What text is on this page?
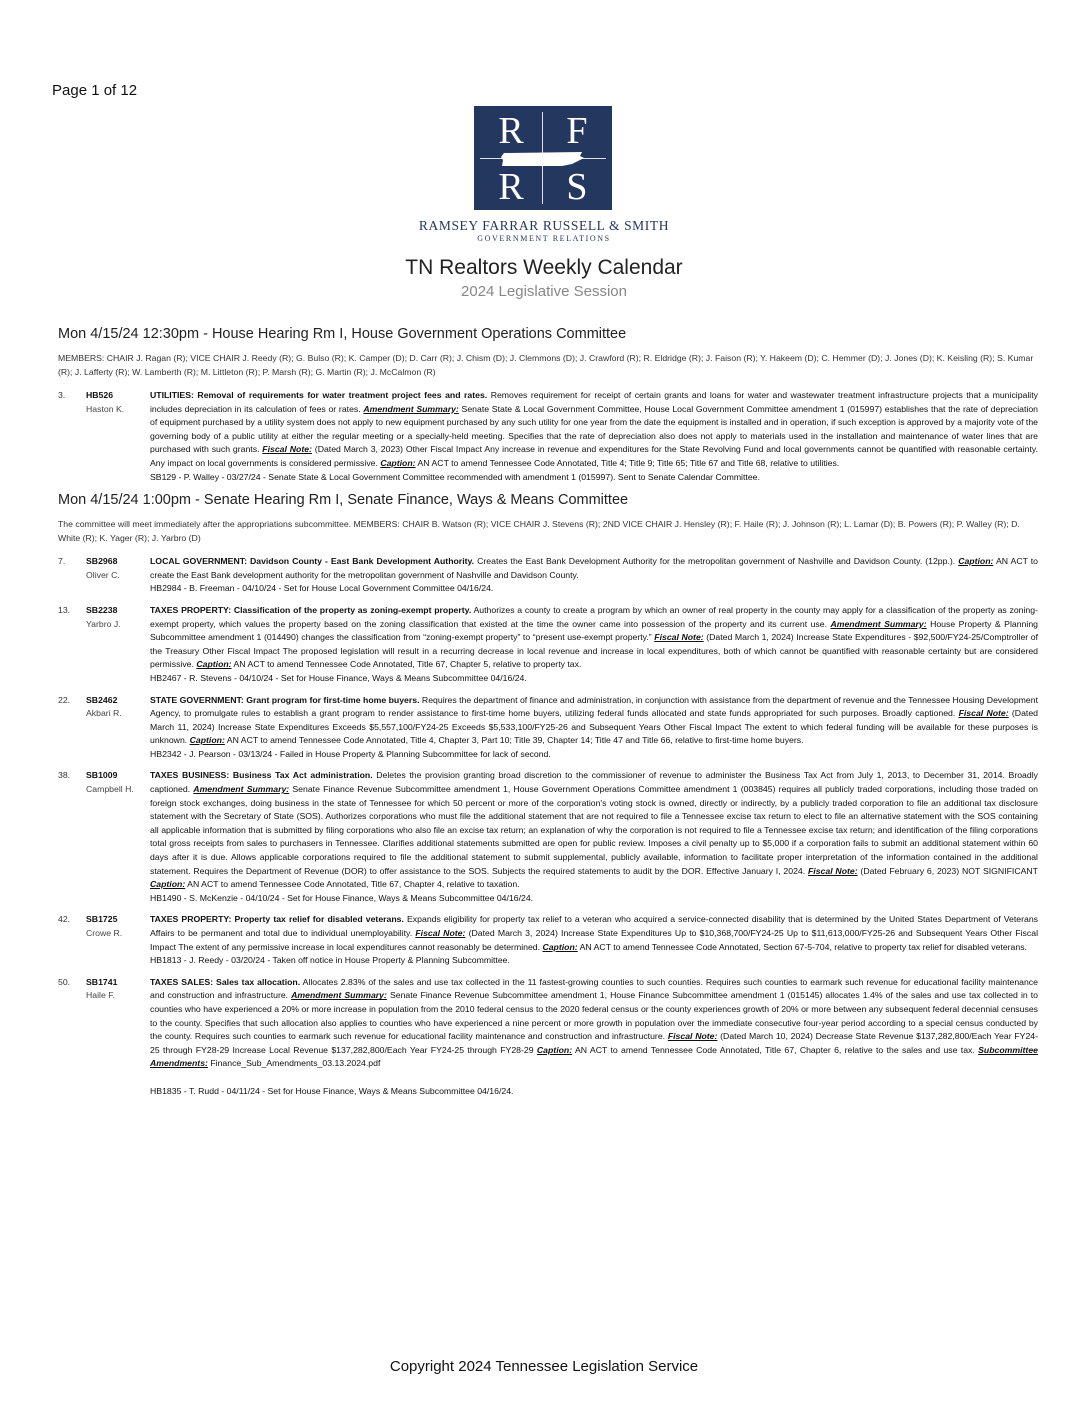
Page 1 of 12
R	F
R	S
RAMSEY FARRAR RUSSELL & SMITH
GOVERNMENT RELATIONS
TN Realtors Weekly Calendar
2024 Legislative Session
Mon 4/15/24 12:30pm - House Hearing Rm I, House Government Operations Committee
MEMBERS: CHAIR J. Ragan (R); VICE CHAIR J. Reedy (R); G. Bulso (R); K. Camper (D); D. Carr (R); J. Chism (D); J. Clemmons (D); J. Crawford (R); R. Eldridge (R); J. Faison (R); Y. Hakeem (D); C. Hemmer (D); J. Jones (D); K. Keisling (R); S. Kumar (R); J. Lafferty (R); W. Lamberth (R); M. Littleton (R); P. Marsh (R); G. Martin (R); J. McCalmon (R)
3.	HB526
Haston K.
UTILITIES: Removal of requirements for water treatment project fees and rates. Removes requirement for receipt of certain grants and loans for water and wastewater treatment infrastructure projects that a municipality includes depreciation in its calculation of fees or rates. Amendment Summary: Senate State & Local Government Committee, House Local Government Committee amendment 1 (015997) establishes that the rate of depreciation of equipment purchased by a utility system does not apply to new equipment purchased by any such utility for one year from the date the equipment is installed and in operation, if such exception is approved by a majority vote of the governing body of a public utility at either the regular meeting or a specially-held meeting. Specifies that the rate of depreciation also does not apply to materials used in the installation and maintenance of water lines that are purchased with such grants. Fiscal Note: (Dated March 3, 2023) Other Fiscal Impact Any increase in revenue and expenditures for the State Revolving Fund and local governments cannot be quantified with reasonable certainty. Any impact on local governments is considered permissive. Caption: AN ACT to amend Tennessee Code Annotated, Title 4; Title 9; Title 65; Title 67 and Title 68, relative to utilities.
SB129 - P. Walley - 03/27/24 - Senate State & Local Government Committee recommended with amendment 1 (015997). Sent to Senate Calendar Committee.
Mon 4/15/24 1:00pm - Senate Hearing Rm I, Senate Finance, Ways & Means Committee
The committee will meet immediately after the appropriations subcommittee. MEMBERS: CHAIR B. Watson (R); VICE CHAIR J. Stevens (R); 2ND VICE CHAIR J. Hensley (R); F. Haile (R); J. Johnson (R); L. Lamar (D); B. Powers (R); P. Walley (R); D. White (R); K. Yager (R); J. Yarbro (D)
7.	SB2968
Oliver C.
LOCAL GOVERNMENT: Davidson County - East Bank Development Authority. Creates the East Bank Development Authority for the metropolitan government of Nashville and Davidson County. (12pp.). Caption: AN ACT to create the East Bank development authority for the metropolitan government of Nashville and Davidson County.
HB2984 - B. Freeman - 04/10/24 - Set for House Local Government Committee 04/16/24.
13.	SB2238
Yarbro J.
TAXES PROPERTY: Classification of the property as zoning-exempt property. Authorizes a county to create a program by which an owner of real property in the county may apply for a classification of the property as zoning-exempt property, which values the property based on the zoning classification that existed at the time the owner came into possession of the property and its current use. Amendment Summary: House Property & Planning Subcommittee amendment 1 (014490) changes the classification from “zoning-exempt property” to “present use-exempt property.” Fiscal Note: (Dated March 1, 2024) Increase State Expenditures - $92,500/FY24-25/Comptroller of the Treasury Other Fiscal Impact The proposed legislation will result in a recurring decrease in local revenue and increase in local expenditures, both of which cannot be quantified with reasonable certainty but are considered permissive. Caption: AN ACT to amend Tennessee Code Annotated, Title 67, Chapter 5, relative to property tax.
HB2467 - R. Stevens - 04/10/24 - Set for House Finance, Ways & Means Subcommittee 04/16/24.
22.	SB2462
Akbari R.
STATE GOVERNMENT: Grant program for first-time home buyers. Requires the department of finance and administration, in conjunction with assistance from the department of revenue and the Tennessee Housing Development Agency, to promulgate rules to establish a grant program to render assistance to first-time home buyers, utilizing federal funds allocated and state funds appropriated for such purposes. Broadly captioned. Fiscal Note: (Dated March 11, 2024) Increase State Expenditures Exceeds $5,557,100/FY24-25 Exceeds $5,533,100/FY25-26 and Subsequent Years Other Fiscal Impact The extent to which federal funding will be available for these purposes is unknown. Caption: AN ACT to amend Tennessee Code Annotated, Title 4, Chapter 3, Part 10; Title 39, Chapter 14; Title 47 and Title 66, relative to first-time home buyers.
HB2342 - J. Pearson - 03/13/24 - Failed in House Property & Planning Subcommittee for lack of second.
38.	SB1009
Campbell H.
TAXES BUSINESS: Business Tax Act administration. Deletes the provision granting broad discretion to the commissioner of revenue to administer the Business Tax Act from July 1, 2013, to December 31, 2014. Broadly captioned. Amendment Summary: Senate Finance Revenue Subcommittee amendment 1, House Government Operations Committee amendment 1 (003845) requires all publicly traded corporations, including those traded on foreign stock exchanges, doing business in the state of Tennessee for which 50 percent or more of the corporation's voting stock is owned, directly or indirectly, by a publicly traded corporation to file an additional tax disclosure statement with the Secretary of State (SOS). Authorizes corporations who must file the additional statement that are not required to file a Tennessee excise tax return to elect to file an alternative statement with the SOS containing all applicable information that is submitted by filing corporations who also file an excise tax return; an explanation of why the corporation is not required to file a Tennessee excise tax return; and identification of the filing corporations total gross receipts from sales to purchasers in Tennessee. Clarifies additional statements submitted are open for public review. Imposes a civil penalty up to $5,000 if a corporation fails to submit an additional statement within 60 days after it is due. Allows applicable corporations required to file the additional statement to submit supplemental, publicly available, information to facilitate proper interpretation of the information contained in the additional statement. Requires the Department of Revenue (DOR) to offer assistance to the SOS. Subjects the required statements to audit by the DOR. Effective January I, 2024. Fiscal Note: (Dated February 6, 2023) NOT SIGNIFICANT Caption: AN ACT to amend Tennessee Code Annotated, Title 67, Chapter 4, relative to taxation.
HB1490 - S. McKenzie - 04/10/24 - Set for House Finance, Ways & Means Subcommittee 04/16/24.
42.	SB1725
Crowe R.
TAXES PROPERTY: Property tax relief for disabled veterans. Expands eligibility for property tax relief to a veteran who acquired a service-connected disability that is determined by the United States Department of Veterans Affairs to be permanent and total due to individual unemployability. Fiscal Note: (Dated March 3, 2024) Increase State Expenditures Up to $10,368,700/FY24-25 Up to $11,613,000/FY25-26 and Subsequent Years Other Fiscal Impact The extent of any permissive increase in local expenditures cannot reasonably be determined. Caption: AN ACT to amend Tennessee Code Annotated, Section 67-5-704, relative to property tax relief for disabled veterans.
HB1813 - J. Reedy - 03/20/24 - Taken off notice in House Property & Planning Subcommittee.
50.	SB1741
Haile F.
TAXES SALES: Sales tax allocation. Allocates 2.83% of the sales and use tax collected in the 11 fastest-growing counties to such counties. Requires such counties to earmark such revenue for educational facility maintenance and construction and infrastructure. Amendment Summary: Senate Finance Revenue Subcommittee amendment 1, House Finance Subcommittee amendment 1 (015145) allocates 1.4% of the sales and use tax collected in to counties who have experienced a 20% or more increase in population from the 2010 federal census to the 2020 federal census or the county experiences growth of 20% or more between any subsequent federal decennial censuses to the county. Specifies that such allocation also applies to counties who have experienced a nine percent or more growth in population over the immediate consecutive four-year period according to a special census conducted by the county. Requires such counties to earmark such revenue for educational facility maintenance and construction and infrastructure. Fiscal Note: (Dated March 10, 2024) Decrease State Revenue $137,282,800/Each Year FY24-25 through FY28-29 Increase Local Revenue $137,282,800/Each Year FY24-25 through FY28-29 Caption: AN ACT to amend Tennessee Code Annotated, Title 67, Chapter 6, relative to the sales and use tax. Subcommittee Amendments: Finance_Sub_Amendments_03.13.2024.pdf
HB1835 - T. Rudd - 04/11/24 - Set for House Finance, Ways & Means Subcommittee 04/16/24.
Copyright 2024 Tennessee Legislation Service
